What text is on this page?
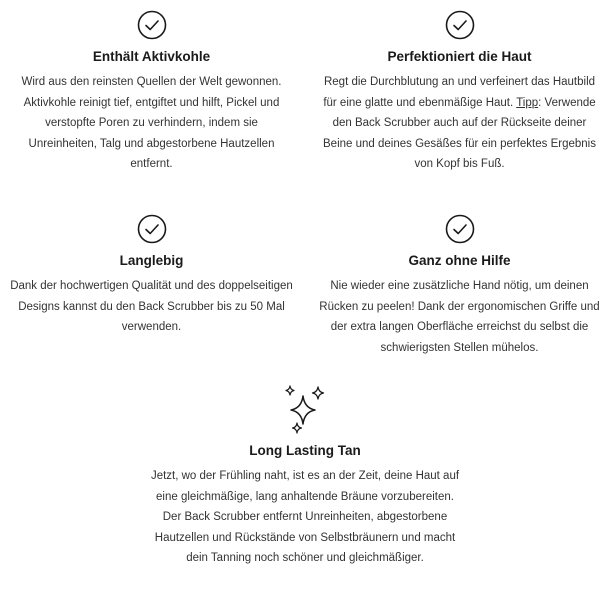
Enthält Aktivkohle

Wird aus den reinsten Quellen der Welt gewonnen. Aktivkohle reinigt tief, entgiftet und hilft, Pickel und verstopfte Poren zu verhindern, indem sie Unreinheiten, Talg und abgestorbene Hautzellen entfernt.

Perfektioniert die Haut

Regt die Durchblutung an und verfeinert das Hautbild für eine glatte und ebenmäßige Haut. Tipp: Verwende den Back Scrubber auch auf der Rückseite deiner Beine und deines Gesäßes für ein perfektes Ergebnis von Kopf bis Fuß.

Langlebig

Dank der hochwertigen Qualität und des doppelseitigen Designs kannst du den Back Scrubber bis zu 50 Mal verwenden.

Ganz ohne Hilfe

Nie wieder eine zusätzliche Hand nötig, um deinen Rücken zu peelen! Dank der ergonomischen Griffe und der extra langen Oberfläche erreichst du selbst die schwierigsten Stellen mühelos.

Long Lasting Tan

Jetzt, wo der Frühling naht, ist es an der Zeit, deine Haut auf eine gleichmäßige, lang anhaltende Bräune vorzubereiten. Der Back Scrubber entfernt Unreinheiten, abgestorbene Hautzellen und Rückstände von Selbstbräunern und macht dein Tanning noch schöner und gleichmäßiger.
